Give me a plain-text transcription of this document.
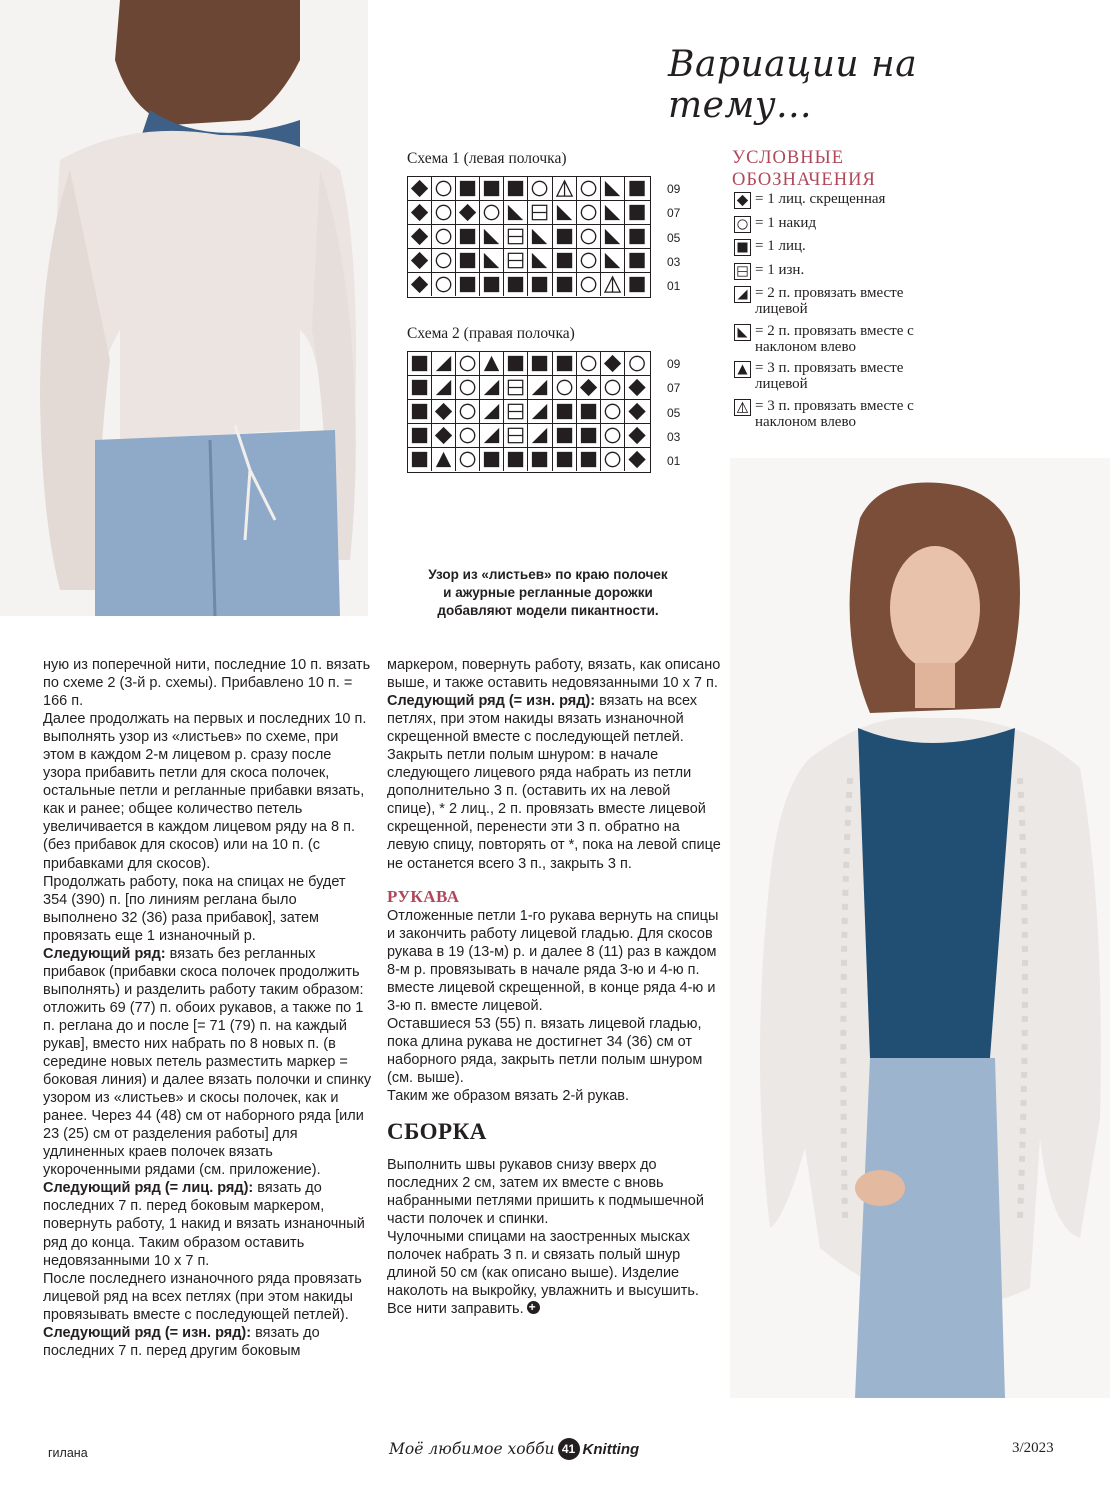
Вариации на тему...
Схема 1 (левая полочка)
09
07
05
03
01
Схема 2 (правая полочка)
09
07
05
03
01
УСЛОВНЫЕ
ОБОЗНАЧЕНИЯ
= 1 лиц. скрещенная
= 1 накид
= 1 лиц.
= 1 изн.
= 2 п. провязать вместе
лицевой
= 2 п. провязать вместе с
наклоном влево
= 3 п. провязать вместе
лицевой
= 3 п. провязать вместе с
наклоном влево
Узор из «листьев» по краю полочек
и ажурные регланные дорожки
добавляют модели пикантности.

ную из поперечной нити, последние 10 п. вязать по схеме 2 (3-й р. схемы). Прибавлено 10 п. = 166 п.

Далее продолжать на первых и последних 10 п. выполнять узор из «листьев» по схеме, при этом в каждом 2-м лицевом р. сразу после узора прибавить петли для скоса полочек, остальные петли и регланные прибавки вязать, как и ранее; общее количество петель увеличивается в каждом лицевом ряду на 8 п. (без прибавок для скосов) или на 10 п. (с прибавками для скосов).

Продолжать работу, пока на спицах не будет 354 (390) п. [по линиям реглана было выполнено 32 (36) раза прибавок], затем провязать еще 1 изнаночный р.

Следующий ряд: вязать без регланных прибавок (прибавки скоса полочек продолжить выполнять) и разделить работу таким образом: отложить 69 (77) п. обоих рукавов, а также по 1 п. реглана до и после [= 71 (79) п. на каждый рукав], вместо них набрать по 8 новых п. (в середине новых петель разместить маркер = боковая линия) и далее вязать полочки и спинку узором из «листьев» и скосы полочек, как и ранее. Через 44 (48) см от наборного ряда [или 23 (25) см от разделения работы] для удлиненных краев полочек вязать укороченными рядами (см. приложение).

Следующий ряд (= лиц. ряд): вязать до последних 7 п. перед боковым маркером, повернуть работу, 1 накид и вязать изнаночный ряд до конца. Таким образом оставить недовязанными 10 х 7 п.

После последнего изнаночного ряда провязать лицевой ряд на всех петлях (при этом накиды провязывать вместе с последующей петлей).

Следующий ряд (= изн. ряд): вязать до последних 7 п. перед другим боковым

маркером, повернуть работу, вязать, как описано выше, и также оставить недовязанными 10 х 7 п.

Следующий ряд (= изн. ряд): вязать на всех петлях, при этом накиды вязать изнаночной скрещенной вместе с последующей петлей.

Закрыть петли полым шнуром: в начале следующего лицевого ряда набрать из петли дополнительно 3 п. (оставить их на левой спице), * 2 лиц., 2 п. провязать вместе лицевой скрещенной, перенести эти 3 п. обратно на левую спицу, повторять от *, пока на левой спице не останется всего 3 п., закрыть 3 п.

РУКАВА

Отложенные петли 1-го рукава вернуть на спицы и закончить работу лицевой гладью. Для скосов рукава в 19 (13-м) р. и далее 8 (11) раз в каждом 8-м р. провязывать в начале ряда 3-ю и 4-ю п. вместе лицевой скрещенной, в конце ряда 4-ю и 3-ю п. вместе лицевой.

Оставшиеся 53 (55) п. вязать лицевой гладью, пока длина рукава не достигнет 34 (36) см от наборного ряда, закрыть петли полым шнуром (см. выше).

Таким же образом вязать 2-й рукав.

СБОРКА

Выполнить швы рукавов снизу вверх до последних 2 см, затем их вместе с вновь набранными петлями пришить к подмышечной части полочек и спинки.

Чулочными спицами на заостренных мысках полочек набрать 3 п. и связать полый шнур длиной 50 см (как описано выше). Изделие наколоть на выкройку, увлажнить и высушить. Все нити заправить.+

гилана	Моё любимое хобби 41 Knitting	3/2023
